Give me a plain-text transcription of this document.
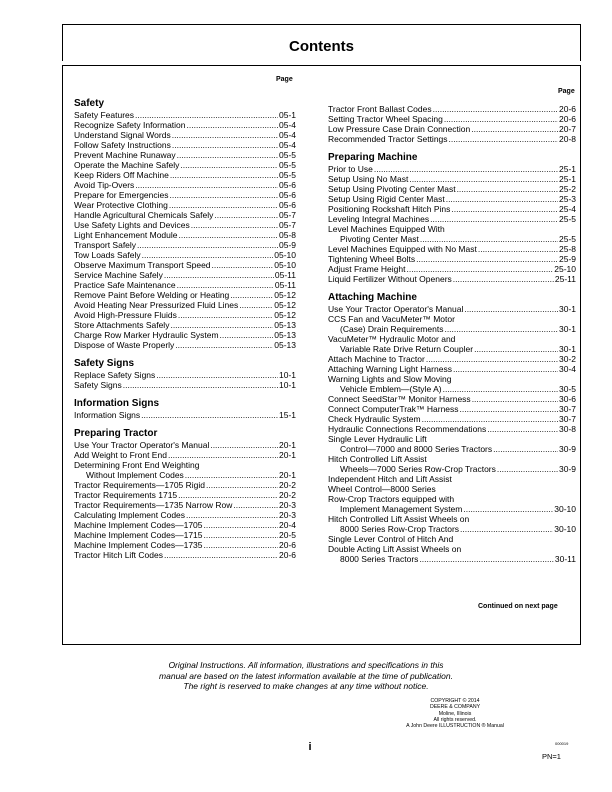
Contents
Page
Page
Safety
Safety Features .....	05-1
Recognize Safety Information .....	05-4
Understand Signal Words .....	05-4
Follow Safety Instructions .....	05-4
Prevent Machine Runaway .....	05-5
Operate the Machine Safely .....	05-5
Keep Riders Off Machine .....	05-5
Avoid Tip-Overs .....	05-6
Prepare for Emergencies .....	05-6
Wear Protective Clothing .....	05-6
Handle Agricultural Chemicals Safely .....	05-7
Use Safety Lights and Devices .....	05-7
Light Enhancement Module .....	05-8
Transport Safely .....	05-9
Tow Loads Safely .....	05-10
Observe Maximum Transport Speed .....	05-10
Service Machine Safely .....	05-11
Practice Safe Maintenance .....	05-11
Remove Paint Before Welding or Heating .....	05-12
Avoid Heating Near Pressurized Fluid Lines .....	05-12
Avoid High-Pressure Fluids .....	05-12
Store Attachments Safely .....	05-13
Charge Row Marker Hydraulic System .....	05-13
Dispose of Waste Properly .....	05-13
Safety Signs
Replace Safety Signs .....	10-1
Safety Signs .....	10-1
Information Signs
Information Signs .....	15-1
Preparing Tractor
Use Your Tractor Operator's Manual .....	20-1
Add Weight to Front End .....	20-1
Determining Front End Weighting
Without Implement Codes .....	20-1
Tractor Requirements—1705 Rigid .....	20-2
Tractor Requirements 1715 .....	20-2
Tractor Requirements—1735 Narrow Row .....	20-3
Calculating Implement Codes .....	20-3
Machine Implement Codes—1705 .....	20-4
Machine Implement Codes—1715 .....	20-5
Machine Implement Codes—1735 .....	20-6
Tractor Hitch Lift Codes .....	20-6
Tractor Front Ballast Codes .....	20-6
Setting Tractor Wheel Spacing .....	20-6
Low Pressure Case Drain Connection .....	20-7
Recommended Tractor Settings .....	20-8
Preparing Machine
Prior to Use .....	25-1
Setup Using No Mast .....	25-1
Setup Using Pivoting Center Mast .....	25-2
Setup Using Rigid Center Mast .....	25-3
Positioning Rockshaft Hitch Pins .....	25-4
Leveling Integral Machines .....	25-5
Level Machines Equipped With
Pivoting Center Mast .....	25-5
Level Machines Equipped with No Mast .....	25-8
Tightening Wheel Bolts .....	25-9
Adjust Frame Height .....	25-10
Liquid Fertilizer Without Openers .....	25-11
Attaching Machine
Use Your Tractor Operator's Manual .....	30-1
CCS Fan and VacuMeter™ Motor
(Case) Drain Requirements .....	30-1
VacuMeter™ Hydraulic Motor and
Variable Rate Drive Return Coupler .....	30-1
Attach Machine to Tractor .....	30-2
Attaching Warning Light Harness .....	30-4
Warning Lights and Slow Moving
Vehicle Emblem—(Style A) .....	30-5
Connect SeedStar™ Monitor Harness .....	30-6
Connect ComputerTrak™ Harness .....	30-7
Check Hydraulic System .....	30-7
Hydraulic Connections Recommendations .....	30-8
Single Lever Hydraulic Lift
Control—7000 and 8000 Series Tractors .....	30-9
Hitch Controlled Lift Assist
Wheels—7000 Series Row-Crop Tractors .....	30-9
Independent Hitch and Lift Assist
Wheel Control—8000 Series
Row-Crop Tractors equipped with
Implement Management System .....	30-10
Hitch Controlled Lift Assist Wheels on
8000 Series Row-Crop Tractors .....	30-10
Single Lever Control of Hitch And
Double Acting Lift Assist Wheels on
8000 Series Tractors .....	30-11
Continued on next page
Original Instructions. All information, illustrations and specifications in this
manual are based on the latest information available at the time of publication.
The right is reserved to make changes at any time without notice.
COPYRIGHT © 2014
DEERE & COMPANY
Moline, Illinois
All rights reserved.
A John Deere ILLUSTRUCTION ® Manual
i	000019
PN=1
